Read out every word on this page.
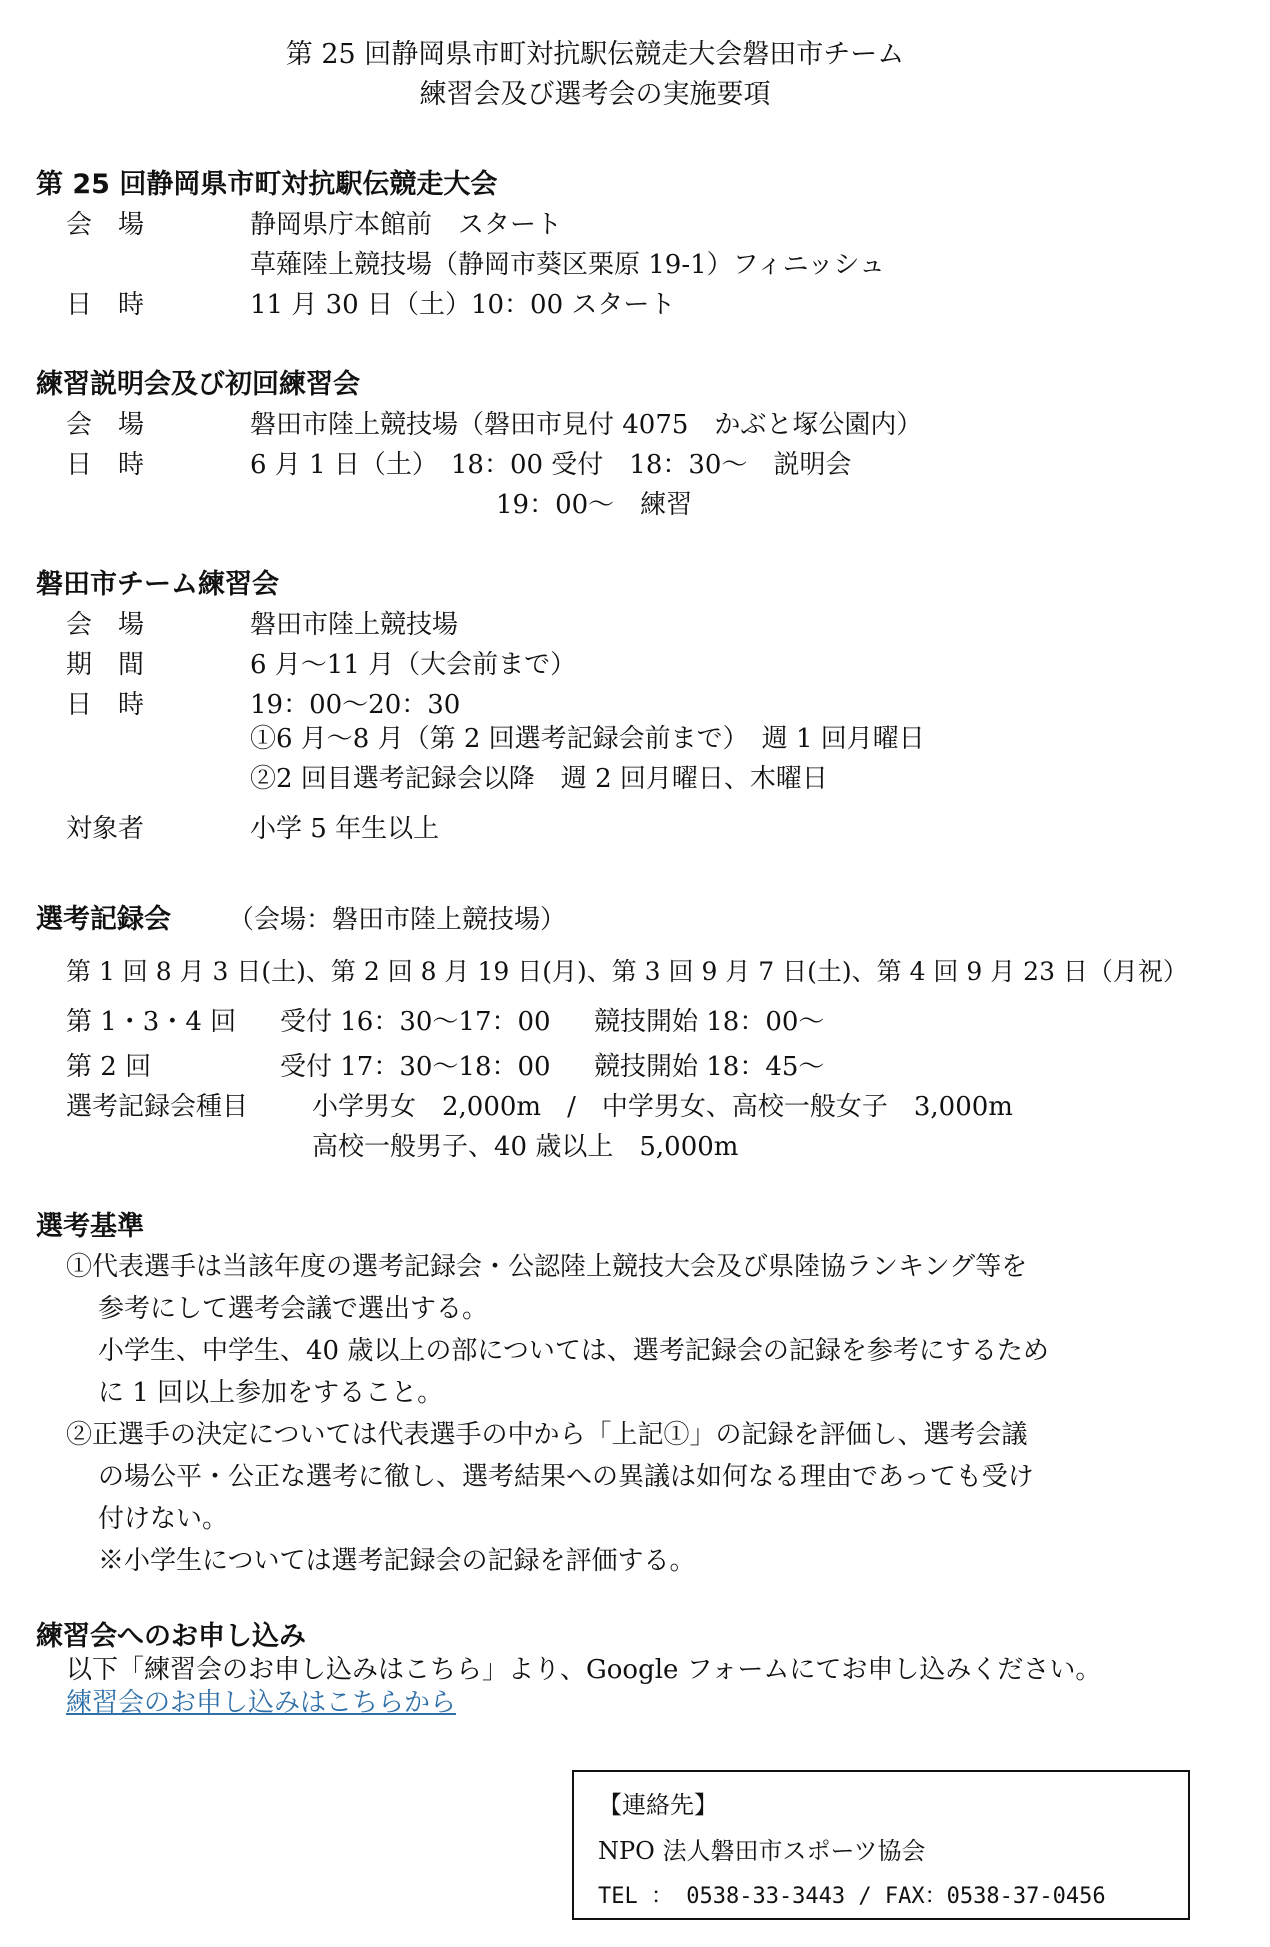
第 25 回静岡県市町対抗駅伝競走大会磐田市チーム
練習会及び選考会の実施要項
第 25 回静岡県市町対抗駅伝競走大会
会　場	静岡県庁本館前　スタート
草薙陸上競技場（静岡市葵区栗原 19-1）フィニッシュ
日　時	11 月 30 日（土）10：00 スタート
練習説明会及び初回練習会
会　場	磐田市陸上競技場（磐田市見付 4075　かぶと塚公園内）
日　時	6 月 1 日（土）　18：00 受付　18：30～　説明会
19：00～　練習
磐田市チーム練習会
会　場	磐田市陸上競技場
期　間	6 月～11 月（大会前まで）
日　時	19：00～20：30
①6 月～8 月（第 2 回選考記録会前まで）　週 1 回月曜日
②2 回目選考記録会以降　週 2 回月曜日、木曜日
対象者	小学 5 年生以上
選考記録会 （会場：磐田市陸上競技場）
第 1 回 8 月 3 日(土)、第 2 回 8 月 19 日(月)、第 3 回 9 月 7 日(土)、第 4 回 9 月 23 日（月祝）
第 1・3・4 回 受付 16：30～17：00 競技開始 18：00～
第 2 回	受付 17：30～18：00 競技開始 18：45～
選考記録会種目 小学男女　2,000m　/　中学男女、高校一般女子　3,000m
高校一般男子、40 歳以上　5,000m
選考基準
①代表選手は当該年度の選考記録会・公認陸上競技大会及び県陸協ランキング等を
参考にして選考会議で選出する。
小学生、中学生、40 歳以上の部については、選考記録会の記録を参考にするため
に 1 回以上参加をすること。
②正選手の決定については代表選手の中から「上記①」の記録を評価し、選考会議
の場公平・公正な選考に徹し、選考結果への異議は如何なる理由であっても受け
付けない。
※小学生については選考記録会の記録を評価する。
練習会へのお申し込み
以下「練習会のお申し込みはこちら」より、Google フォームにてお申し込みください。
練習会のお申し込みはこちらから
【連絡先】
NPO 法人磐田市スポーツ協会
TEL ： 0538-33-3443 / FAX：0538-37-0456
